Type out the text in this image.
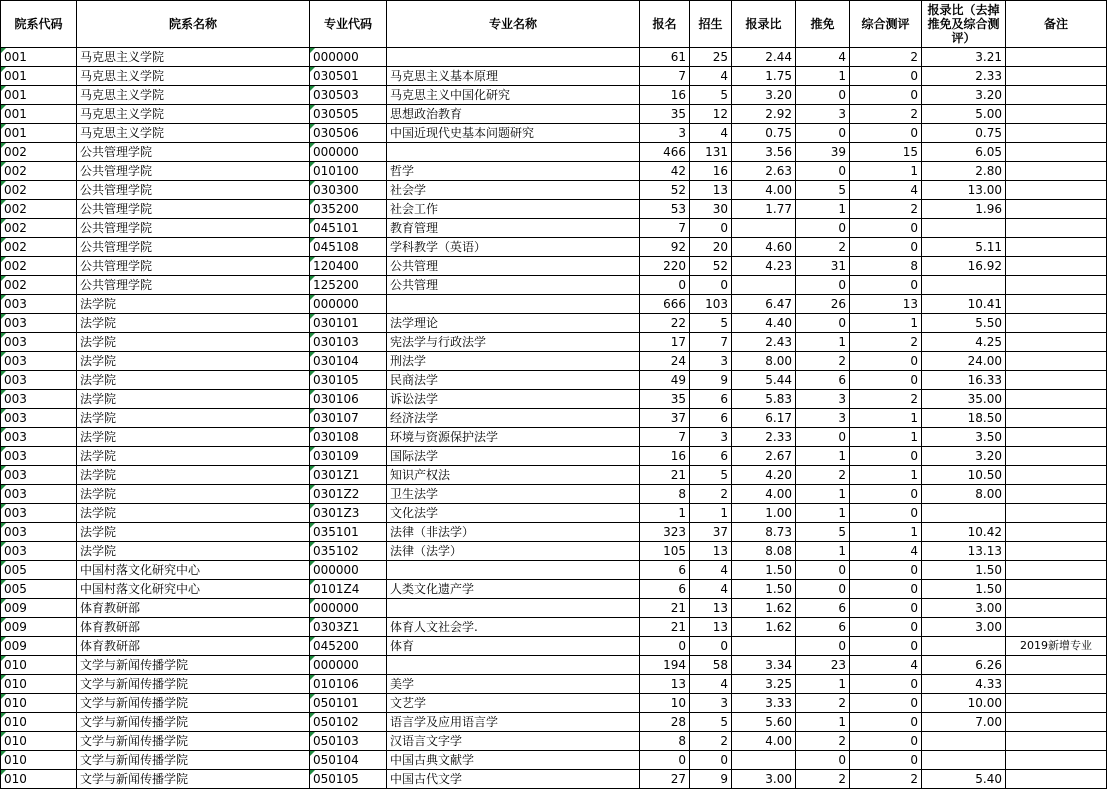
院系代码	院系名称	专业代码	专业名称	报名	招生	报录比	推免	综合测评	报录比（去掉推免及综合测评）	备注
001	马克思主义学院	000000		61	25	2.44	4	2	3.21	
001	马克思主义学院	030501	马克思主义基本原理	7	4	1.75	1	0	2.33	
001	马克思主义学院	030503	马克思主义中国化研究	16	5	3.20	0	0	3.20	
001	马克思主义学院	030505	思想政治教育	35	12	2.92	3	2	5.00	
001	马克思主义学院	030506	中国近现代史基本问题研究	3	4	0.75	0	0	0.75	
002	公共管理学院	000000		466	131	3.56	39	15	6.05	
002	公共管理学院	010100	哲学	42	16	2.63	0	1	2.80	
002	公共管理学院	030300	社会学	52	13	4.00	5	4	13.00	
002	公共管理学院	035200	社会工作	53	30	1.77	1	2	1.96	
002	公共管理学院	045101	教育管理	7	0		0	0		
002	公共管理学院	045108	学科教学（英语）	92	20	4.60	2	0	5.11	
002	公共管理学院	120400	公共管理	220	52	4.23	31	8	16.92	
002	公共管理学院	125200	公共管理	0	0		0	0		
003	法学院	000000		666	103	6.47	26	13	10.41	
003	法学院	030101	法学理论	22	5	4.40	0	1	5.50	
003	法学院	030103	宪法学与行政法学	17	7	2.43	1	2	4.25	
003	法学院	030104	刑法学	24	3	8.00	2	0	24.00	
003	法学院	030105	民商法学	49	9	5.44	6	0	16.33	
003	法学院	030106	诉讼法学	35	6	5.83	3	2	35.00	
003	法学院	030107	经济法学	37	6	6.17	3	1	18.50	
003	法学院	030108	环境与资源保护法学	7	3	2.33	0	1	3.50	
003	法学院	030109	国际法学	16	6	2.67	1	0	3.20	
003	法学院	0301Z1	知识产权法	21	5	4.20	2	1	10.50	
003	法学院	0301Z2	卫生法学	8	2	4.00	1	0	8.00	
003	法学院	0301Z3	文化法学	1	1	1.00	1	0		
003	法学院	035101	法律（非法学）	323	37	8.73	5	1	10.42	
003	法学院	035102	法律（法学）	105	13	8.08	1	4	13.13	
005	中国村落文化研究中心	000000		6	4	1.50	0	0	1.50	
005	中国村落文化研究中心	0101Z4	人类文化遗产学	6	4	1.50	0	0	1.50	
009	体育教研部	000000		21	13	1.62	6	0	3.00	
009	体育教研部	0303Z1	体育人文社会学.	21	13	1.62	6	0	3.00	
009	体育教研部	045200	体育	0	0		0	0		2019新增专业
010	文学与新闻传播学院	000000		194	58	3.34	23	4	6.26	
010	文学与新闻传播学院	010106	美学	13	4	3.25	1	0	4.33	
010	文学与新闻传播学院	050101	文艺学	10	3	3.33	2	0	10.00	
010	文学与新闻传播学院	050102	语言学及应用语言学	28	5	5.60	1	0	7.00	
010	文学与新闻传播学院	050103	汉语言文字学	8	2	4.00	2	0		
010	文学与新闻传播学院	050104	中国古典文献学	0	0		0	0		
010	文学与新闻传播学院	050105	中国古代文学	27	9	3.00	2	2	5.40	
